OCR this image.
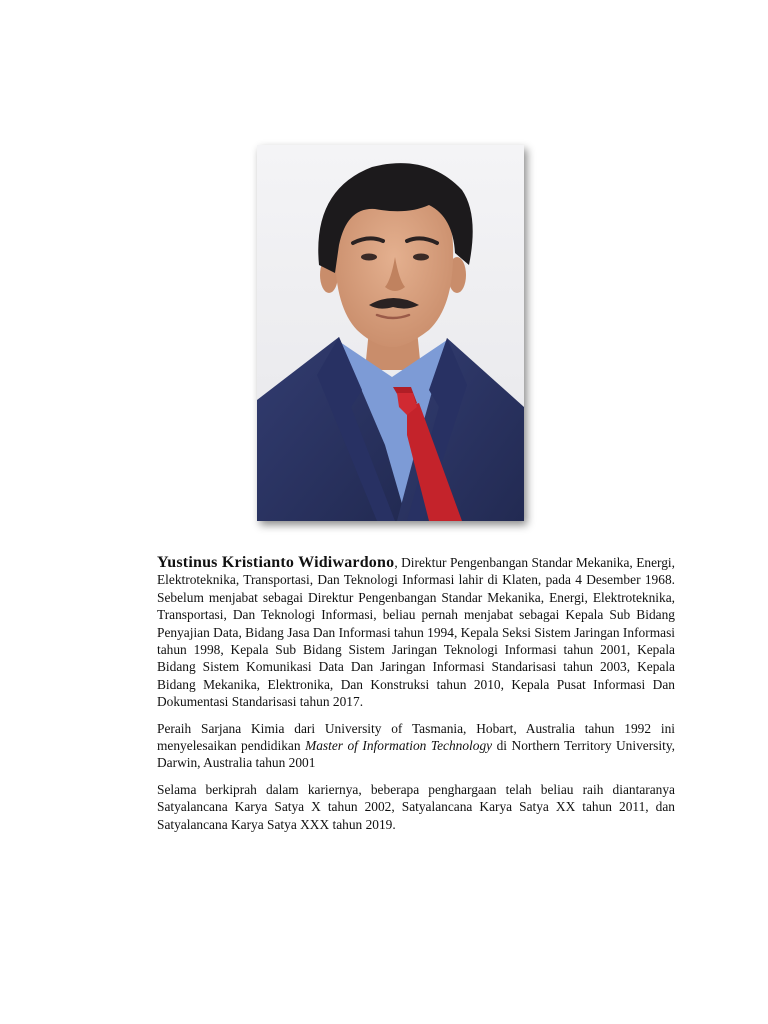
Yustinus Kristianto Widiwardono, Direktur Pengenbangan Standar Mekanika, Energi, Elektroteknika, Transportasi, Dan Teknologi Informasi lahir di Klaten, pada 4 Desember 1968. Sebelum menjabat sebagai Direktur Pengenbangan Standar Mekanika, Energi, Elektroteknika, Transportasi, Dan Teknologi Informasi, beliau pernah menjabat sebagai Kepala Sub Bidang Penyajian Data, Bidang Jasa Dan Informasi tahun 1994, Kepala Seksi Sistem Jaringan Informasi tahun 1998, Kepala Sub Bidang Sistem Jaringan Teknologi Informasi tahun 2001, Kepala Bidang Sistem Komunikasi Data Dan Jaringan Informasi Standarisasi tahun 2003, Kepala Bidang Mekanika, Elektronika, Dan Konstruksi tahun 2010, Kepala Pusat Informasi Dan Dokumentasi Standarisasi tahun 2017.

Peraih Sarjana Kimia dari University of Tasmania, Hobart, Australia tahun 1992 ini menyelesaikan pendidikan Master of Information Technology di Northern Territory University, Darwin, Australia tahun 2001

Selama berkiprah dalam kariernya, beberapa penghargaan telah beliau raih diantaranya Satyalancana Karya Satya X tahun 2002, Satyalancana Karya Satya XX tahun 2011, dan Satyalancana Karya Satya XXX tahun 2019.
